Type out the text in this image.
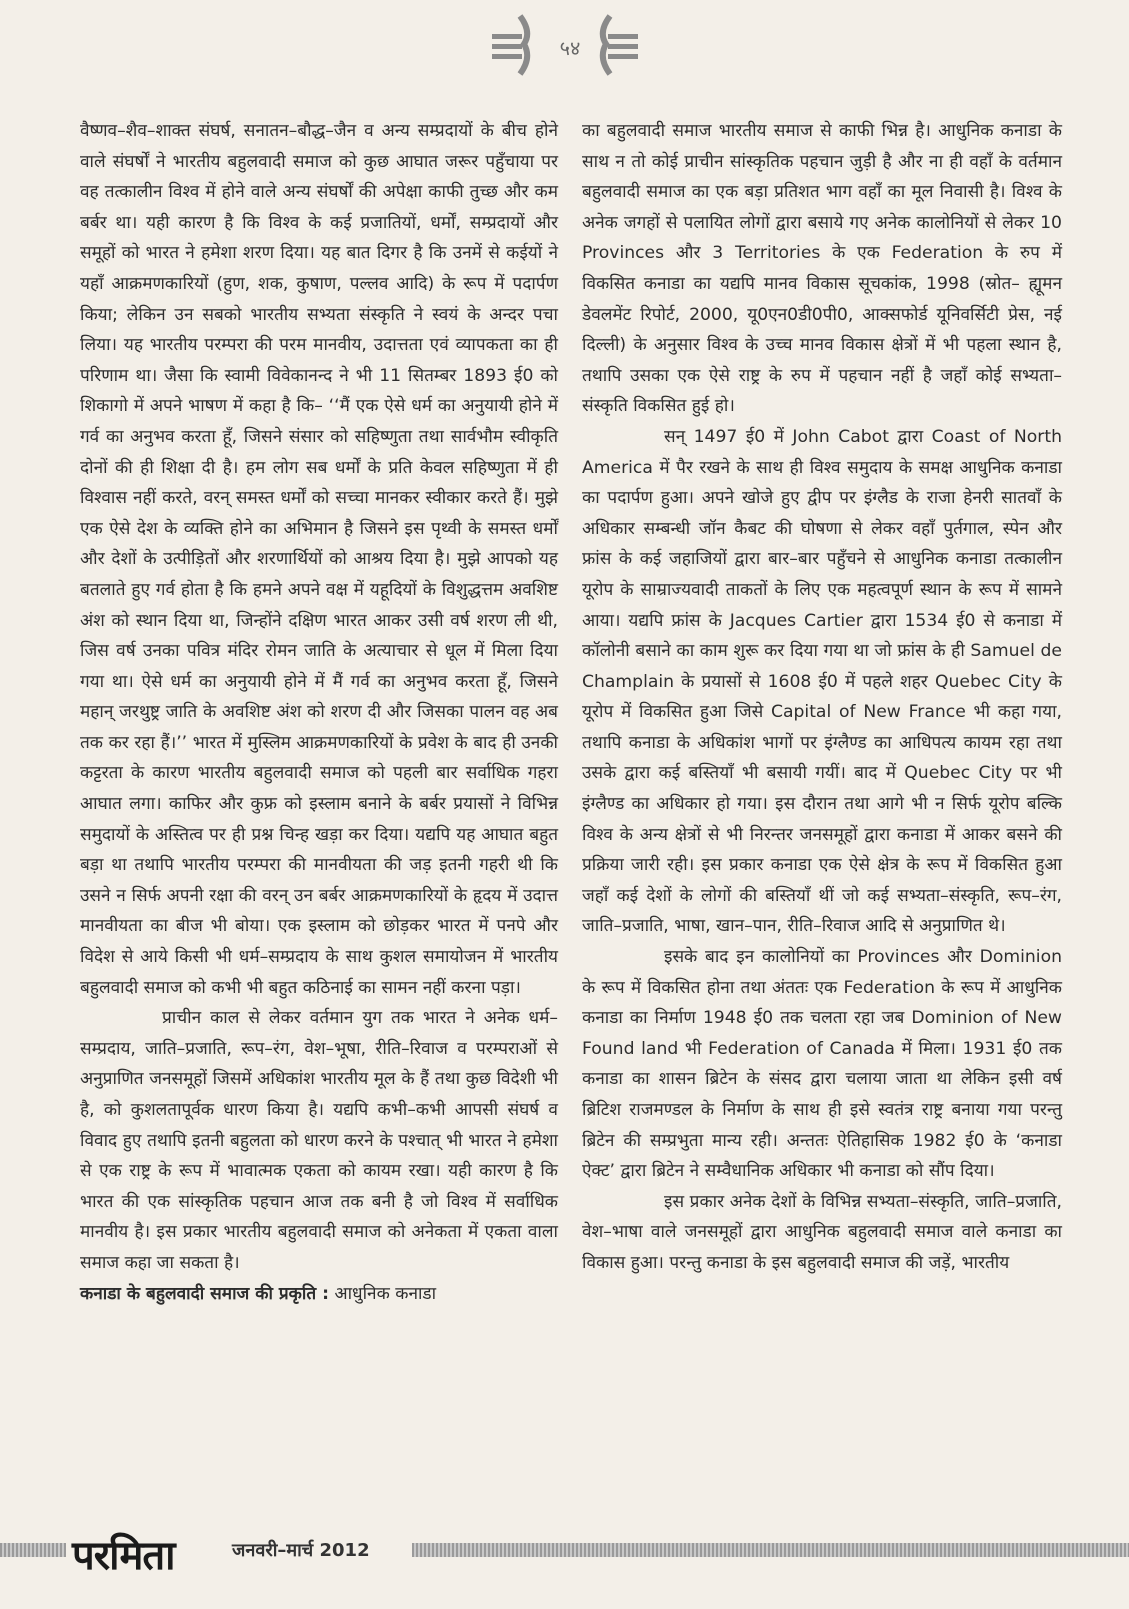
५४

वैष्णव–शैव–शाक्त संघर्ष, सनातन–बौद्ध–जैन व अन्य सम्प्रदायों के बीच होने वाले संघर्षों ने भारतीय बहुलवादी समाज को कुछ आघात जरूर पहुँचाया पर वह तत्कालीन विश्व में होने वाले अन्य संघर्षों की अपेक्षा काफी तुच्छ और कम बर्बर था। यही कारण है कि विश्व के कई प्रजातियों, धर्मों, सम्प्रदायों और समूहों को भारत ने हमेशा शरण दिया। यह बात दिगर है कि उनमें से कईयों ने यहाँ आक्रमणकारियों (हुण, शक, कुषाण, पल्लव आदि) के रूप में पदार्पण किया; लेकिन उन सबको भारतीय सभ्यता संस्कृति ने स्वयं के अन्दर पचा लिया। यह भारतीय परम्परा की परम मानवीय, उदात्तता एवं व्यापकता का ही परिणाम था। जैसा कि स्वामी विवेकानन्द ने भी 11 सितम्बर 1893 ई0 को शिकागो में अपने भाषण में कहा है कि– ‘‘मैं एक ऐसे धर्म का अनुयायी होने में गर्व का अनुभव करता हूँ, जिसने संसार को सहिष्णुता तथा सार्वभौम स्वीकृति दोनों की ही शिक्षा दी है। हम लोग सब धर्मों के प्रति केवल सहिष्णुता में ही विश्वास नहीं करते, वरन् समस्त धर्मों को सच्चा मानकर स्वीकार करते हैं। मुझे एक ऐसे देश के व्यक्ति होने का अभिमान है जिसने इस पृथ्वी के समस्त धर्मों और देशों के उत्पीड़ितों और शरणार्थियों को आश्रय दिया है। मुझे आपको यह बतलाते हुए गर्व होता है कि हमने अपने वक्ष में यहूदियों के विशुद्धत्तम अवशिष्ट अंश को स्थान दिया था, जिन्होंने दक्षिण भारत आकर उसी वर्ष शरण ली थी, जिस वर्ष उनका पवित्र मंदिर रोमन जाति के अत्याचार से धूल में मिला दिया गया था। ऐसे धर्म का अनुयायी होने में मैं गर्व का अनुभव करता हूँ, जिसने महान् जरथुष्ट्र जाति के अवशिष्ट अंश को शरण दी और जिसका पालन वह अब तक कर रहा हैं।’’ भारत में मुस्लिम आक्रमणकारियों के प्रवेश के बाद ही उनकी कट्टरता के कारण भारतीय बहुलवादी समाज को पहली बार सर्वाधिक गहरा आघात लगा। काफिर और कुफ्र को इस्लाम बनाने के बर्बर प्रयासों ने विभिन्न समुदायों के अस्तित्व पर ही प्रश्न चिन्ह खड़ा कर दिया। यद्यपि यह आघात बहुत बड़ा था तथापि भारतीय परम्परा की मानवीयता की जड़ इतनी गहरी थी कि उसने न सिर्फ अपनी रक्षा की वरन् उन बर्बर आक्रमणकारियों के हृदय में उदात्त मानवीयता का बीज भी बोया। एक इस्लाम को छोड़कर भारत में पनपे और विदेश से आये किसी भी धर्म–सम्प्रदाय के साथ कुशल समायोजन में भारतीय बहुलवादी समाज को कभी भी बहुत कठिनाई का सामन नहीं करना पड़ा।

प्राचीन काल से लेकर वर्तमान युग तक भारत ने अनेक धर्म–सम्प्रदाय, जाति–प्रजाति, रूप–रंग, वेश–भूषा, रीति–रिवाज व परम्पराओं से अनुप्राणित जनसमूहों जिसमें अधिकांश भारतीय मूल के हैं तथा कुछ विदेशी भी है, को कुशलतापूर्वक धारण किया है। यद्यपि कभी–कभी आपसी संघर्ष व विवाद हुए तथापि इतनी बहुलता को धारण करने के पश्चात् भी भारत ने हमेशा से एक राष्ट्र के रूप में भावात्मक एकता को कायम रखा। यही कारण है कि भारत की एक सांस्कृतिक पहचान आज तक बनी है जो विश्व में सर्वाधिक मानवीय है। इस प्रकार भारतीय बहुलवादी समाज को अनेकता में एकता वाला समाज कहा जा सकता है।

कनाडा के बहुलवादी समाज की प्रकृति : आधुनिक कनाडा

का बहुलवादी समाज भारतीय समाज से काफी भिन्न है। आधुनिक कनाडा के साथ न तो कोई प्राचीन सांस्कृतिक पहचान जुड़ी है और ना ही वहाँ के वर्तमान बहुलवादी समाज का एक बड़ा प्रतिशत भाग वहाँ का मूल निवासी है। विश्व के अनेक जगहों से पलायित लोगों द्वारा बसाये गए अनेक कालोनियों से लेकर 10 Provinces और 3 Territories के एक Federation के रुप में विकसित कनाडा का यद्यपि मानव विकास सूचकांक, 1998 (स्रोत– ह्यूमन डेवलमेंट रिपोर्ट, 2000, यू0एन0डी0पी0, आक्सफोर्ड यूनिवर्सिटी प्रेस, नई दिल्ली) के अनुसार विश्व के उच्च मानव विकास क्षेत्रों में भी पहला स्थान है, तथापि उसका एक ऐसे राष्ट्र के रुप में पहचान नहीं है जहाँ कोई सभ्यता–संस्कृति विकसित हुई हो।

सन् 1497 ई0 में John Cabot द्वारा Coast of North America में पैर रखने के साथ ही विश्व समुदाय के समक्ष आधुनिक कनाडा का पदार्पण हुआ। अपने खोजे हुए द्वीप पर इंग्लैड के राजा हेनरी सातवाँ के अधिकार सम्बन्धी जॉन कैबट की घोषणा से लेकर वहाँ पुर्तगाल, स्पेन और फ्रांस के कई जहाजियों द्वारा बार–बार पहुँचने से आधुनिक कनाडा तत्कालीन यूरोप के साम्राज्यवादी ताकतों के लिए एक महत्वपूर्ण स्थान के रूप में सामने आया। यद्यपि फ्रांस के Jacques Cartier द्वारा 1534 ई0 से कनाडा में कॉलोनी बसाने का काम शुरू कर दिया गया था जो फ्रांस के ही Samuel de Champlain के प्रयासों से 1608 ई0 में पहले शहर Quebec City के यूरोप में विकसित हुआ जिसे Capital of New France भी कहा गया, तथापि कनाडा के अधिकांश भागों पर इंग्लैण्ड का आधिपत्य कायम रहा तथा उसके द्वारा कई बस्तियाँ भी बसायी गयीं। बाद में Quebec City पर भी इंग्लैण्ड का अधिकार हो गया। इस दौरान तथा आगे भी न सिर्फ यूरोप बल्कि विश्व के अन्य क्षेत्रों से भी निरन्तर जनसमूहों द्वारा कनाडा में आकर बसने की प्रक्रिया जारी रही। इस प्रकार कनाडा एक ऐसे क्षेत्र के रूप में विकसित हुआ जहाँ कई देशों के लोगों की बस्तियाँ थीं जो कई सभ्यता–संस्कृति, रूप–रंग, जाति–प्रजाति, भाषा, खान–पान, रीति–रिवाज आदि से अनुप्राणित थे।

इसके बाद इन कालोनियों का Provinces और Dominion के रूप में विकसित होना तथा अंततः एक Federation के रूप में आधुनिक कनाडा का निर्माण 1948 ई0 तक चलता रहा जब Dominion of New Found land भी Federation of Canada में मिला। 1931 ई0 तक कनाडा का शासन ब्रिटेन के संसद द्वारा चलाया जाता था लेकिन इसी वर्ष ब्रिटिश राजमण्डल के निर्माण के साथ ही इसे स्वतंत्र राष्ट्र बनाया गया परन्तु ब्रिटेन की सम्प्रभुता मान्य रही। अन्ततः ऐतिहासिक 1982 ई0 के ‘कनाडा ऐक्ट’ द्वारा ब्रिटेन ने सम्वैधानिक अधिकार भी कनाडा को सौंप दिया।

इस प्रकार अनेक देशों के विभिन्न सभ्यता–संस्कृति, जाति–प्रजाति, वेश–भाषा वाले जनसमूहों द्वारा आधुनिक बहुलवादी समाज वाले कनाडा का विकास हुआ। परन्तु कनाडा के इस बहुलवादी समाज की जड़ें, भारतीय

परमिता	जनवरी–मार्च 2012
